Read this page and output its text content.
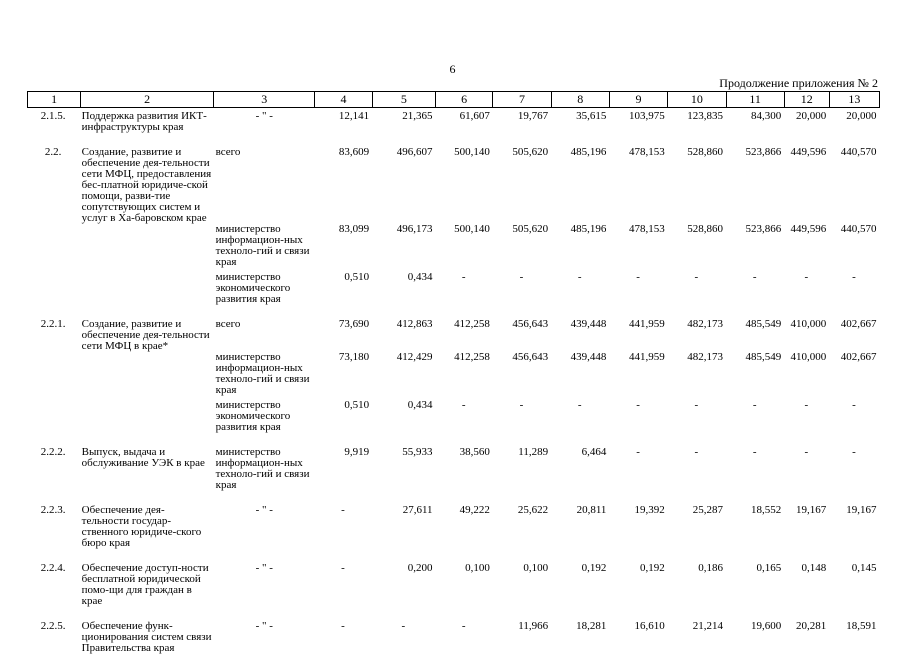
6
Продолжение приложения № 2
1	2	3	4	5	6	7	8	9	10	11	12	13
2.1.5.	Поддержка развития ИКТ-инфраструктуры края	- " -	12,141	21,365	61,607	19,767	35,615	103,975	123,835	84,300	20,000	20,000
2.2.	Создание, развитие и обеспечение дея-тельности сети МФЦ, предоставления бес-платной юридиче-ской помощи, разви-тие сопутствующих систем и услуг в Ха-баровском крае	всего	83,609	496,607	500,140	505,620	485,196	478,153	528,860	523,866	449,596	440,570
		министерство информацион-ных техноло-гий и связи края	83,099	496,173	500,140	505,620	485,196	478,153	528,860	523,866	449,596	440,570
		министерство экономического развития края	0,510	0,434	-	-	-	-	-	-	-	-
2.2.1.	Создание, развитие и обеспечение дея-тельности сети МФЦ в крае*	всего	73,690	412,863	412,258	456,643	439,448	441,959	482,173	485,549	410,000	402,667
		министерство информацион-ных техноло-гий и связи края	73,180	412,429	412,258	456,643	439,448	441,959	482,173	485,549	410,000	402,667
		министерство экономического развития края	0,510	0,434	-	-	-	-	-	-	-	-
2.2.2.	Выпуск, выдача и обслуживание УЭК в крае	министерство информацион-ных техноло-гий и связи края	9,919	55,933	38,560	11,289	6,464	-	-	-	-	-
2.2.3.	Обеспечение дея-тельности государ-ственного юридиче-ского бюро края	- " -	-	27,611	49,222	25,622	20,811	19,392	25,287	18,552	19,167	19,167
2.2.4.	Обеспечение доступ-ности бесплатной юридической помо-щи для граждан в крае	- " -	-	0,200	0,100	0,100	0,192	0,192	0,186	0,165	0,148	0,145
2.2.5.	Обеспечение функ-ционирования систем связи Правительства края	- " -	-	-	-	11,966	18,281	16,610	21,214	19,600	20,281	18,591
